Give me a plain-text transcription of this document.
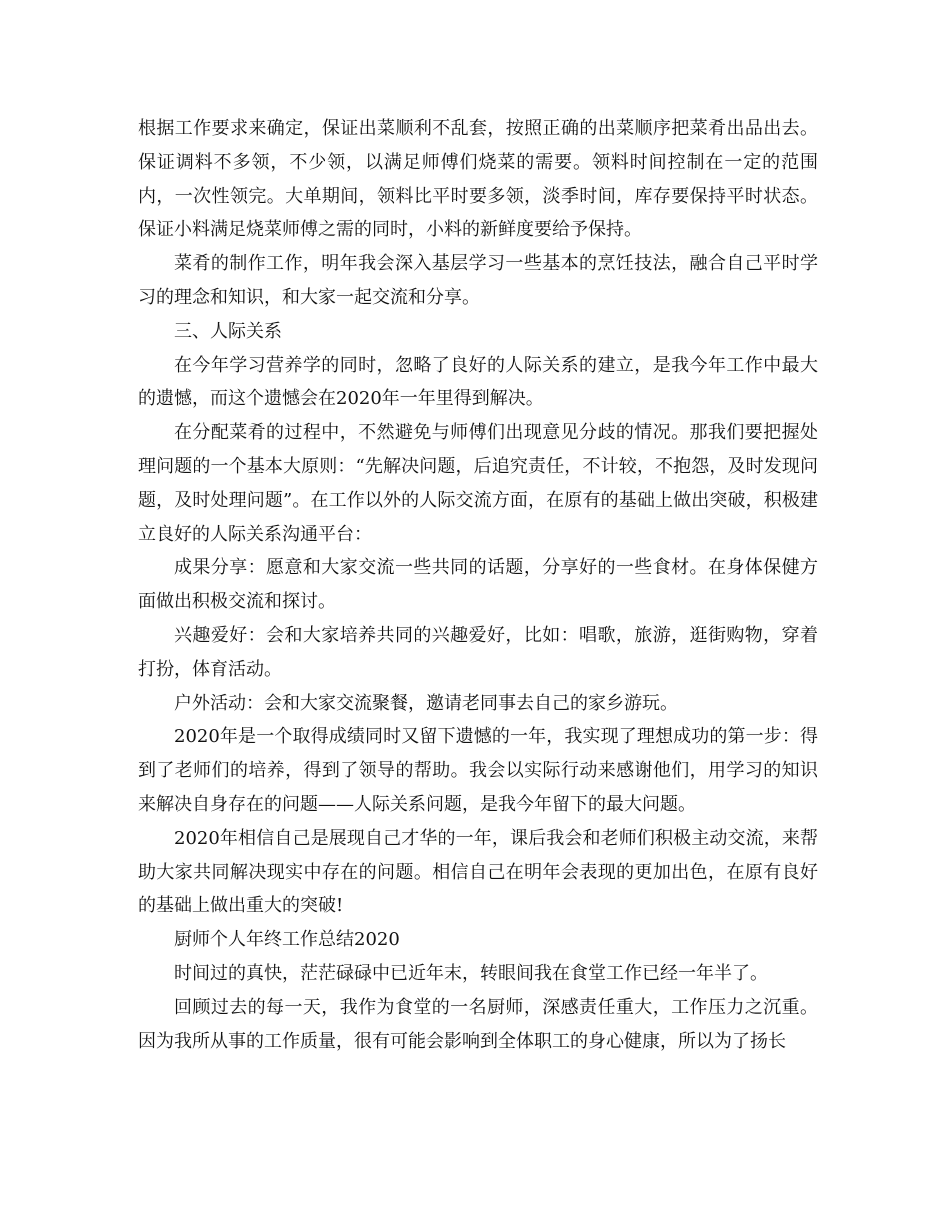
根据工作要求来确定，保证出菜顺利不乱套，按照正确的出菜顺序把菜肴出品出去。保证调料不多领，不少领，以满足师傅们烧菜的需要。领料时间控制在一定的范围内，一次性领完。大单期间，领料比平时要多领，淡季时间，库存要保持平时状态。保证小料满足烧菜师傅之需的同时，小料的新鲜度要给予保持。

菜肴的制作工作，明年我会深入基层学习一些基本的烹饪技法，融合自己平时学习的理念和知识，和大家一起交流和分享。

三、人际关系

在今年学习营养学的同时，忽略了良好的人际关系的建立，是我今年工作中最大的遗憾，而这个遗憾会在2020年一年里得到解决。

在分配菜肴的过程中，不然避免与师傅们出现意见分歧的情况。那我们要把握处理问题的一个基本大原则：“先解决问题，后追究责任，不计较，不抱怨，及时发现问题，及时处理问题”。在工作以外的人际交流方面，在原有的基础上做出突破，积极建立良好的人际关系沟通平台：

成果分享：愿意和大家交流一些共同的话题，分享好的一些食材。在身体保健方面做出积极交流和探讨。

兴趣爱好：会和大家培养共同的兴趣爱好，比如：唱歌，旅游，逛街购物，穿着打扮，体育活动。

户外活动：会和大家交流聚餐，邀请老同事去自己的家乡游玩。

2020年是一个取得成绩同时又留下遗憾的一年，我实现了理想成功的第一步：得到了老师们的培养，得到了领导的帮助。我会以实际行动来感谢他们，用学习的知识来解决自身存在的问题——人际关系问题，是我今年留下的最大问题。

2020年相信自己是展现自己才华的一年，课后我会和老师们积极主动交流，来帮助大家共同解决现实中存在的问题。相信自己在明年会表现的更加出色，在原有良好的基础上做出重大的突破!

厨师个人年终工作总结2020

时间过的真快，茫茫碌碌中已近年末，转眼间我在食堂工作已经一年半了。

回顾过去的每一天，我作为食堂的一名厨师，深感责任重大，工作压力之沉重。因为我所从事的工作质量，很有可能会影响到全体职工的身心健康，所以为了扬长
